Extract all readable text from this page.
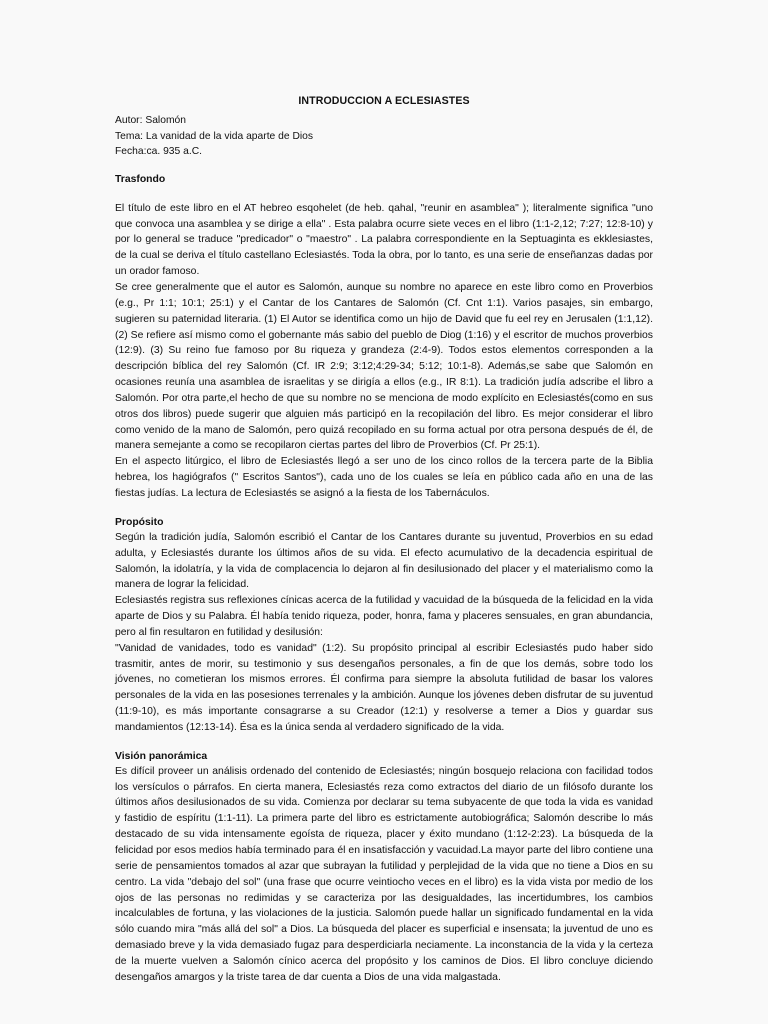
INTRODUCCION A ECLESIASTES

Autor: Salomón

Tema: La vanidad de la vida aparte de Dios

Fecha:ca. 935 a.C.

Trasfondo

El título de este libro en el AT hebreo esqohelet (de heb. qahal, "reunir en asamblea" ); literalmente significa "uno que convoca una asamblea y se dirige a ella" . Esta palabra ocurre siete veces en el libro (1:1-2,12; 7:27; 12:8-10) y por lo general se traduce "predicador" o "maestro" . La palabra correspondiente en la Septuaginta es ekklesiastes, de la cual se deriva el título castellano Eclesiastés. Toda la obra, por lo tanto, es una serie de enseñanzas dadas por un orador famoso.

Se cree generalmente que el autor es Salomón, aunque su nombre no aparece en este libro como en Proverbios (e.g., Pr 1:1; 10:1; 25:1) y el Cantar de los Cantares de Salomón (Cf. Cnt 1:1). Varios pasajes, sin embargo, sugieren su paternidad literaria. (1) El Autor se identifica como un hijo de David que fu eel rey en Jerusalen (1:1,12). (2) Se refiere así mismo como el gobernante más sabio del pueblo de Diog (1:16) y el escritor de muchos proverbios (12:9). (3) Su reino fue famoso por 8u riqueza y grandeza (2:4-9). Todos estos elementos corresponden a la descripción bíblica del rey Salomón (Cf. IR 2:9; 3:12;4:29-34; 5:12; 10:1-8). Además,se sabe que Salomón en ocasiones reunía una asamblea de israelitas y se dirigía a ellos (e.g., IR 8:1). La tradición judía adscribe el libro a Salomón. Por otra parte,el hecho de que su nombre no se menciona de modo explícito en Eclesiastés(como en sus otros dos libros) puede sugerir que alguien más participó en la recopilación del libro. Es mejor considerar el libro como venido de la mano de Salomón, pero quizá recopilado en su forma actual por otra persona después de él, de manera semejante a como se recopilaron ciertas partes del libro de Proverbios (Cf. Pr 25:1).

En el aspecto litúrgico, el libro de Eclesiastés llegó a ser uno de los cinco rollos de la tercera parte de la Biblia hebrea, los hagiógrafos (" Escritos Santos"), cada uno de los cuales se leía en público cada año en una de las fiestas judías. La lectura de Eclesiastés se asignó a la fiesta de los Tabernáculos.

Propósito

Según la tradición judía, Salomón escribió el Cantar de los Cantares durante su juventud, Proverbios en su edad adulta, y Eclesiastés durante los últimos años de su vida. El efecto acumulativo de la decadencia espiritual de Salomón, la idolatría, y la vida de complacencia lo dejaron al fin desilusionado del placer y el materialismo como la manera de lograr la felicidad.

Eclesiastés registra sus reflexiones cínicas acerca de la futilidad y vacuidad de la búsqueda de la felicidad en la vida aparte de Dios y su Palabra. Él había tenido riqueza, poder, honra, fama y placeres sensuales, en gran abundancia, pero al fin resultaron en futilidad y desilusión:

"Vanidad de vanidades, todo es vanidad" (1:2). Su propósito principal al escribir Eclesiastés pudo haber sido trasmitir, antes de morir, su testimonio y sus desengaños personales, a fin de que los demás, sobre todo los jóvenes, no cometieran los mismos errores. Él confirma para siempre la absoluta futilidad de basar los valores personales de la vida en las posesiones terrenales y la ambición. Aunque los jóvenes deben disfrutar de su juventud (11:9-10), es más importante consagrarse a su Creador (12:1) y resolverse a temer a Dios y guardar sus mandamientos (12:13-14). Ésa es la única senda al verdadero significado de la vida.

Visión panorámica

Es difícil proveer un análisis ordenado del contenido de Eclesiastés; ningún bosquejo relaciona con facilidad todos los versículos o párrafos. En cierta manera, Eclesiastés reza como extractos del diario de un filósofo durante los últimos años desilusionados de su vida. Comienza por declarar su tema subyacente de que toda la vida es vanidad y fastidio de espíritu (1:1-11). La primera parte del libro es estrictamente autobiográfica; Salomón describe lo más destacado de su vida intensamente egoísta de riqueza, placer y éxito mundano (1:12-2:23). La búsqueda de la felicidad por esos medios había terminado para él en insatisfacción y vacuidad.La mayor parte del libro contiene una serie de pensamientos tomados al azar que subrayan la futilidad y perplejidad de la vida que no tiene a Dios en su centro. La vida "debajo del sol" (una frase que ocurre veintiocho veces en el libro) es la vida vista por medio de los ojos de las personas no redimidas y se caracteriza por las desigualdades, las incertidumbres, los cambios incalculables de fortuna, y las violaciones de la justicia. Salomón puede hallar un significado fundamental en la vida sólo cuando mira "más allá del sol" a Dios. La búsqueda del placer es superficial e insensata; la juventud de uno es demasiado breve y la vida demasiado fugaz para desperdiciarla neciamente. La inconstancia de la vida y la certeza de la muerte vuelven a Salomón cínico acerca del propósito y los caminos de Dios. El libro concluye diciendo desengaños amargos y la triste tarea de dar cuenta a Dios de una vida malgastada.
